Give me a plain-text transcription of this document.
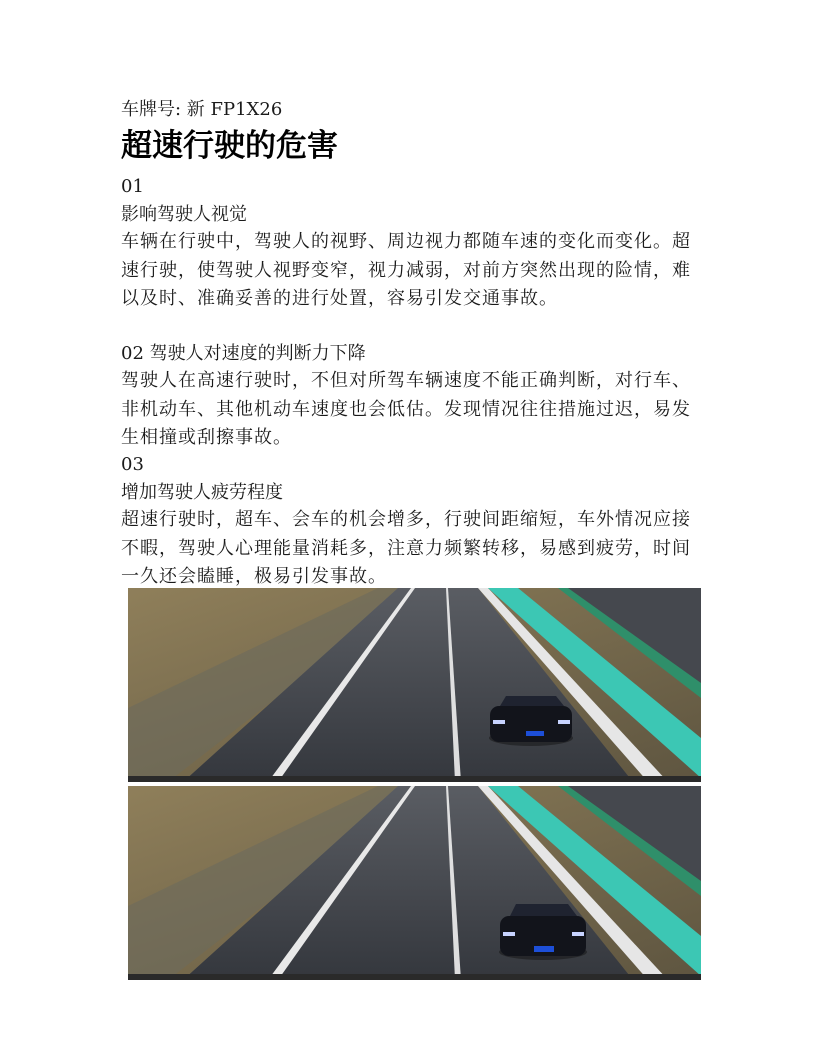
车牌号: 新 FP1X26
超速行驶的危害
01
影响驾驶人视觉
车辆在行驶中，驾驶人的视野、周边视力都随车速的变化而变化。超速行驶，使驾驶人视野变窄，视力减弱，对前方突然出现的险情，难以及时、准确妥善的进行处置，容易引发交通事故。
02 驾驶人对速度的判断力下降
驾驶人在高速行驶时，不但对所驾车辆速度不能正确判断，对行车、非机动车、其他机动车速度也会低估。发现情况往往措施过迟，易发生相撞或刮擦事故。
03
增加驾驶人疲劳程度
超速行驶时，超车、会车的机会增多，行驶间距缩短，车外情况应接不暇，驾驶人心理能量消耗多，注意力频繁转移，易感到疲劳，时间一久还会瞌睡，极易引发事故。
